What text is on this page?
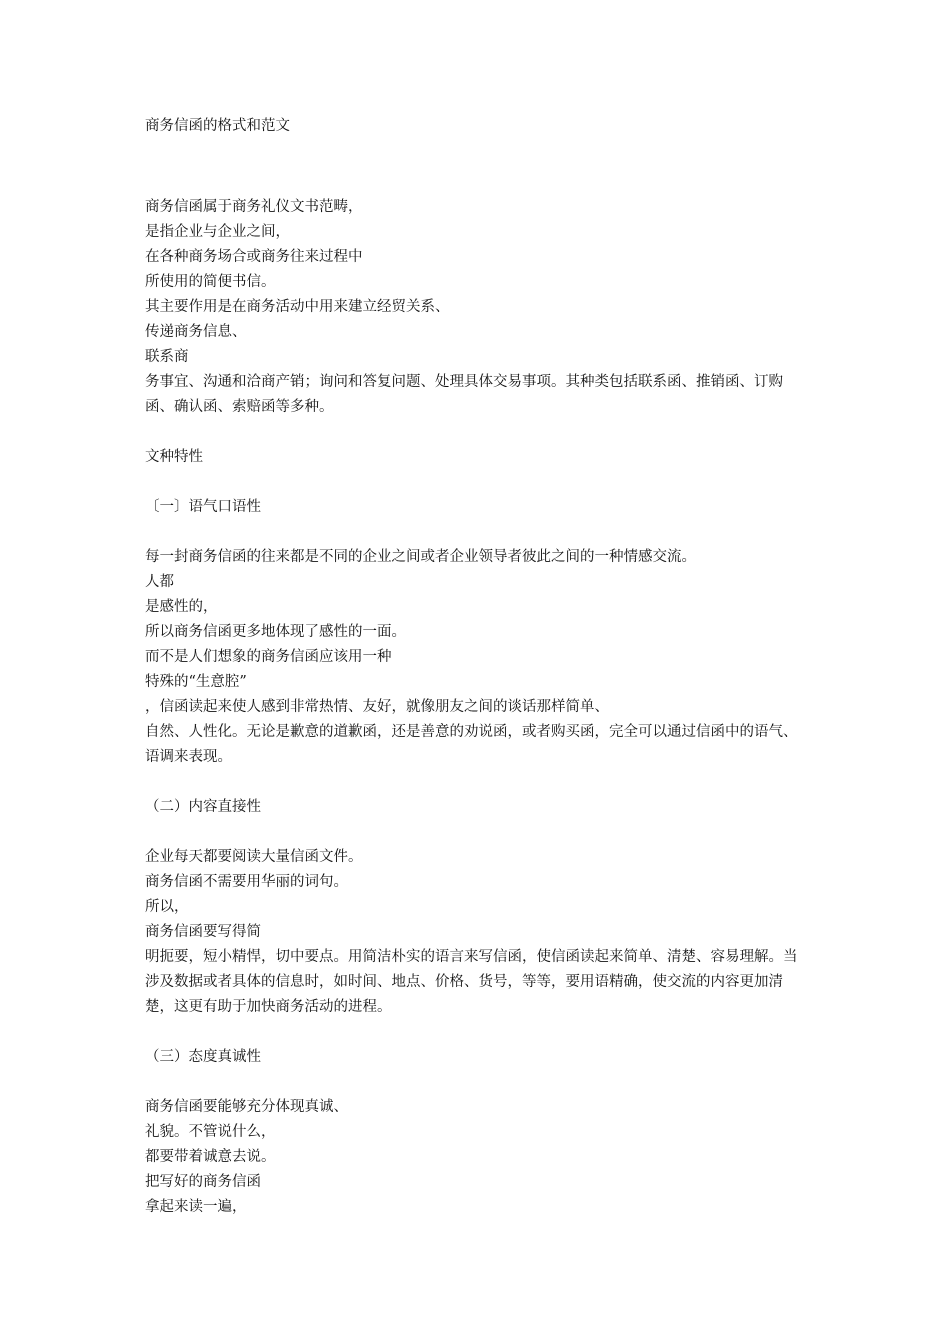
商务信函的格式和范文
商务信函属于商务礼仪文书范畴，
是指企业与企业之间，
在各种商务场合或商务往来过程中
所使用的简便书信。
其主要作用是在商务活动中用来建立经贸关系、
传递商务信息、
联系商
务事宜、沟通和洽商产销；询问和答复问题、处理具体交易事项。其种类包括联系函、推销函、订购函、确认函、索赔函等多种。
文种特性
〔一〕语气口语性
每一封商务信函的往来都是不同的企业之间或者企业领导者彼此之间的一种情感交流。
人都
是感性的，
所以商务信函更多地体现了感性的一面。
而不是人们想象的商务信函应该用一种
特殊的“生意腔”
，信函读起来使人感到非常热情、友好，就像朋友之间的谈话那样简单、
自然、人性化。无论是歉意的道歉函，还是善意的劝说函，或者购买函，完全可以通过信函中的语气、语调来表现。
（二）内容直接性
企业每天都要阅读大量信函文件。
商务信函不需要用华丽的词句。
所以，
商务信函要写得简
明扼要，短小精悍，切中要点。用简洁朴实的语言来写信函，使信函读起来简单、清楚、容易理解。当涉及数据或者具体的信息时，如时间、地点、价格、货号，等等，要用语精确，使交流的内容更加清楚，这更有助于加快商务活动的进程。
（三）态度真诚性
商务信函要能够充分体现真诚、
礼貌。不管说什么，
都要带着诚意去说。
把写好的商务信函
拿起来读一遍，
